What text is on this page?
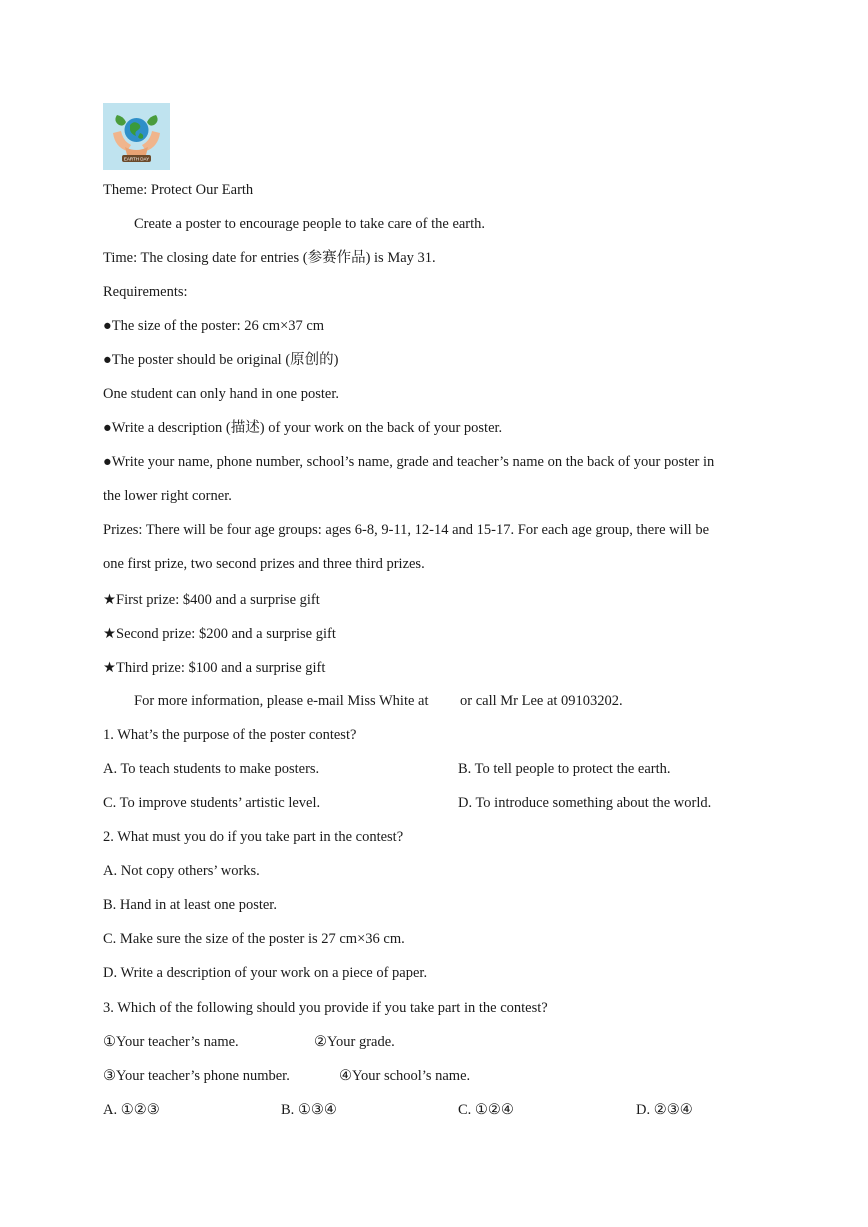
EARTH DAY
Theme: Protect Our Earth
Create a poster to encourage people to take care of the earth.
Time: The closing date for entries (参赛作品) is May 31.
Requirements:
●The size of the poster: 26 cm×37 cm
●The poster should be original (原创的)
One student can only hand in one poster.
●Write a description (描述) of your work on the back of your poster.
●Write your name, phone number, school’s name, grade and teacher’s name on the back of your poster in
the lower right corner.
Prizes: There will be four age groups: ages 6-8, 9-11, 12-14 and 15-17. For each age group, there will be
one first prize, two second prizes and three third prizes.
★First prize: $400 and a surprise gift
★Second prize: $200 and a surprise gift
★Third prize: $100 and a surprise gift
For more information, please e-mail Miss White at or call Mr Lee at 09103202.
1. What’s the purpose of the poster contest?
A. To teach students to make posters.	B. To tell people to protect the earth.
C. To improve students’ artistic level.	D. To introduce something about the world.
2. What must you do if you take part in the contest?
A. Not copy others’ works.
B. Hand in at least one poster.
C. Make sure the size of the poster is 27 cm×36 cm.
D. Write a description of your work on a piece of paper.
3. Which of the following should you provide if you take part in the contest?
①Your teacher’s name.	②Your grade.
③Your teacher’s phone number.	④Your school’s name.
A. ①②③	B. ①③④	C. ①②④	D. ②③④
